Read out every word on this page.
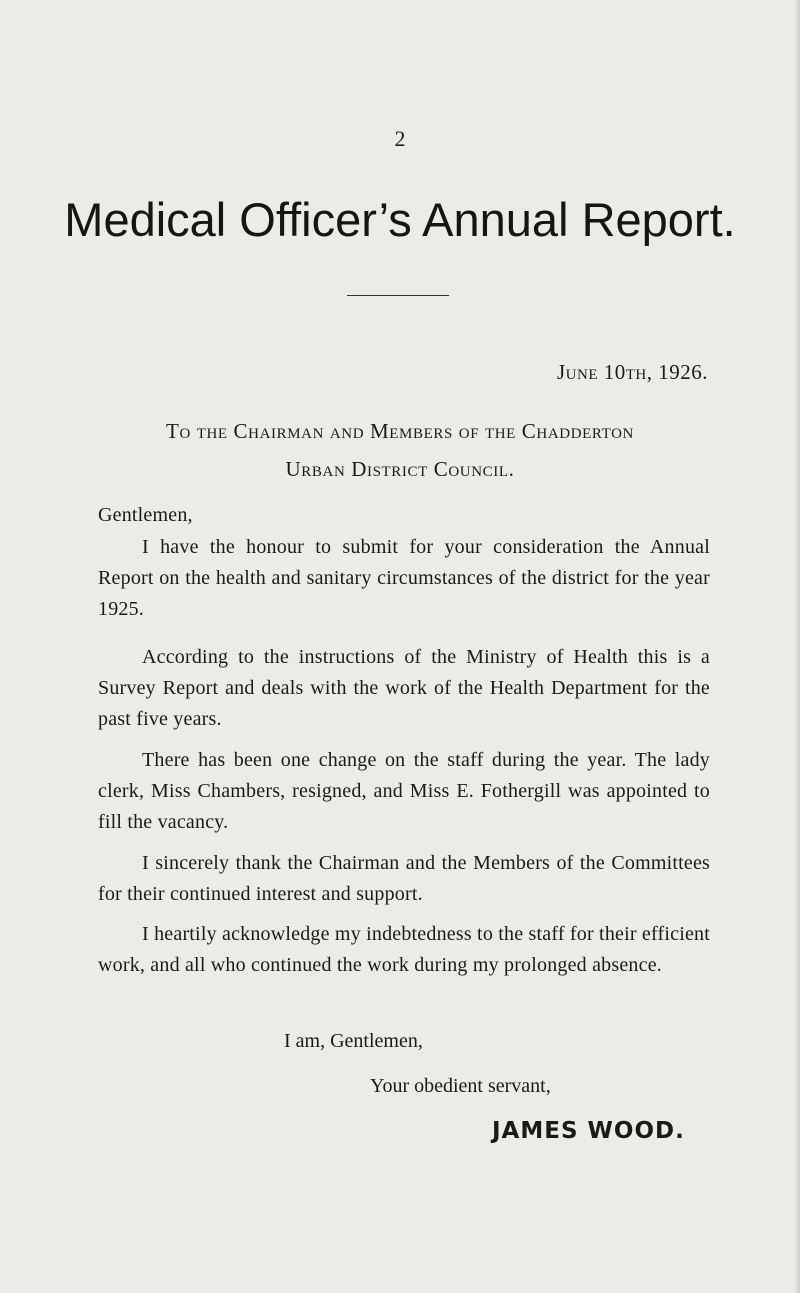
2
Medical Officer’s Annual Report.
June 10th, 1926.
To the Chairman and Members of the Chadderton
Urban District Council.
Gentlemen,

I have the honour to submit for your consideration the Annual Report on the health and sanitary circumstances of the district for the year 1925.

According to the instructions of the Ministry of Health this is a Survey Report and deals with the work of the Health Department for the past five years.

There has been one change on the staff during the year. The lady clerk, Miss Chambers, resigned, and Miss E. Fothergill was appointed to fill the vacancy.

I sincerely thank the Chairman and the Members of the Committees for their continued interest and support.

I heartily acknowledge my indebtedness to the staff for their efficient work, and all who continued the work during my prolonged absence.

I am, Gentlemen,
Your obedient servant,
JAMES WOOD.
